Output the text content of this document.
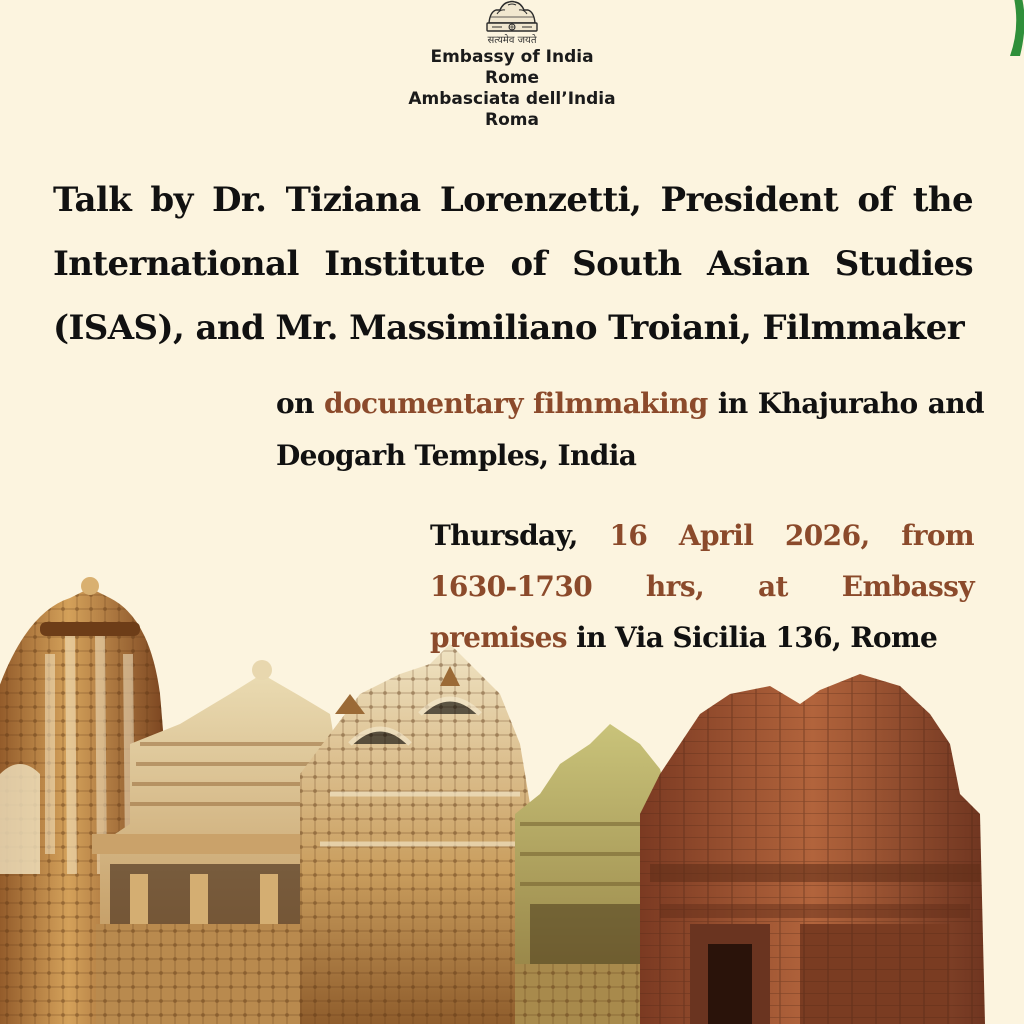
सत्यमेव जयते
Embassy of India
Rome
Ambasciata dell’India
Roma

Talk by Dr. Tiziana Lorenzetti, President of the International Institute of South Asian Studies (ISAS), and Mr. Massimiliano Troiani, Filmmaker

on documentary filmmaking in Khajuraho and Deogarh Temples, India

Thursday, 16 April 2026, from 1630-1730 hrs, at Embassy premises in Via Sicilia 136, Rome
